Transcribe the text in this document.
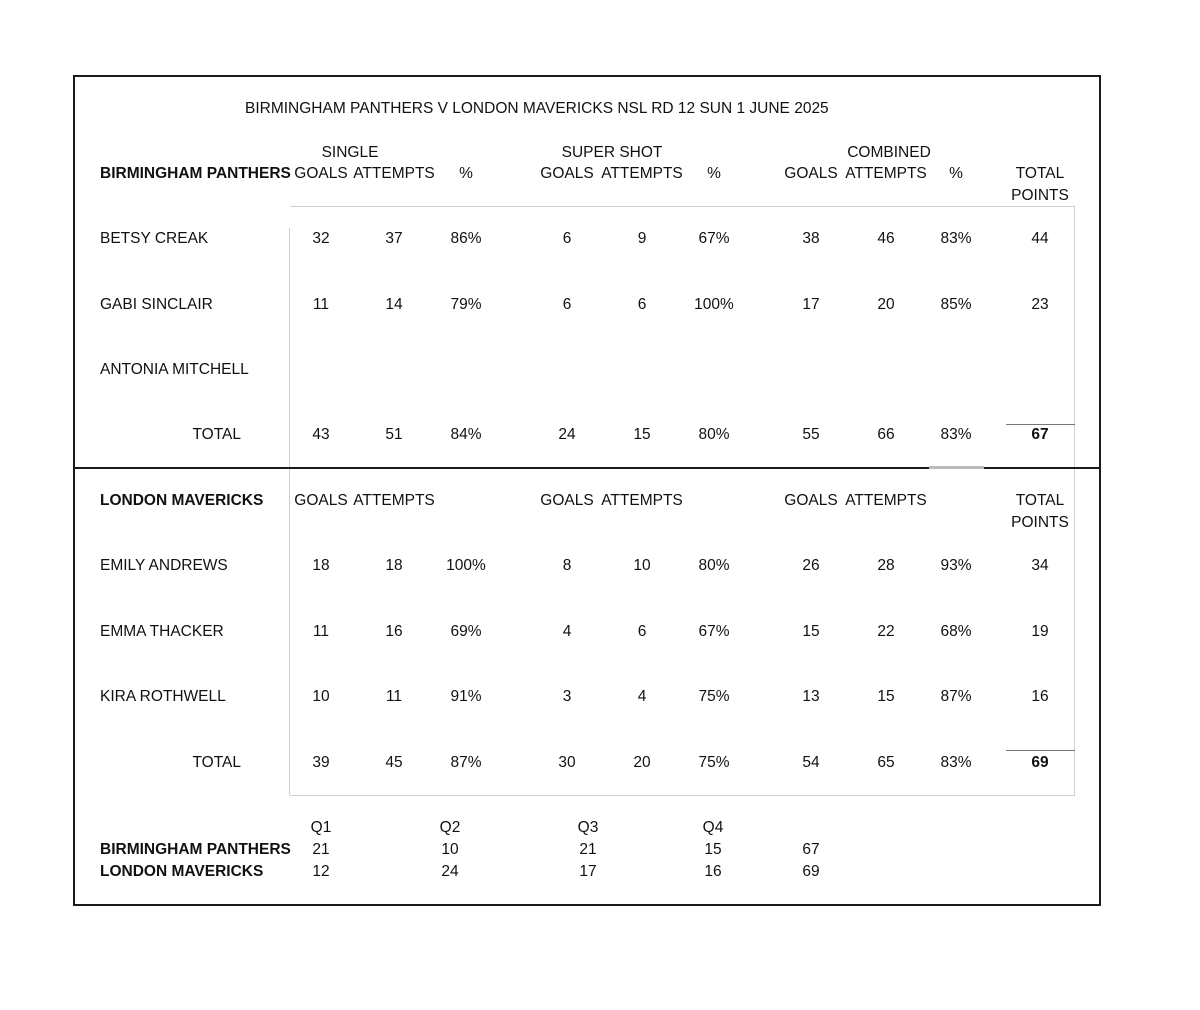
BIRMINGHAM PANTHERS V LONDON MAVERICKS NSL RD 12 SUN 1 JUNE 2025
SINGLE	SUPER SHOT	COMBINED
BIRMINGHAM PANTHERS GOALS ATTEMPTS %	GOALS ATTEMPTS %	GOALS ATTEMPTS %	TOTAL
POINTS
BETSY CREAK	32	37	86%	6	9	67%	38	46	83%	44
GABI SINCLAIR	11	14	79%	6	6	100%	17	20	85%	23
ANTONIA MITCHELL
TOTAL	43	51	84%	24	15	80%	55	66	83%	67
LONDON MAVERICKS GOALS ATTEMPTS	GOALS ATTEMPTS	GOALS ATTEMPTS	TOTAL
POINTS
EMILY ANDREWS	18	18	100%	8	10	80%	26	28	93%	34
EMMA THACKER	11	16	69%	4	6	67%	15	22	68%	19
KIRA ROTHWELL	10	11	91%	3	4	75%	13	15	87%	16
TOTAL	39	45	87%	30	20	75%	54	65	83%	69
Q1	Q2	Q3	Q4
BIRMINGHAM PANTHERS 21	10	21	15	67
LONDON MAVERICKS	12	24	17	16	69
